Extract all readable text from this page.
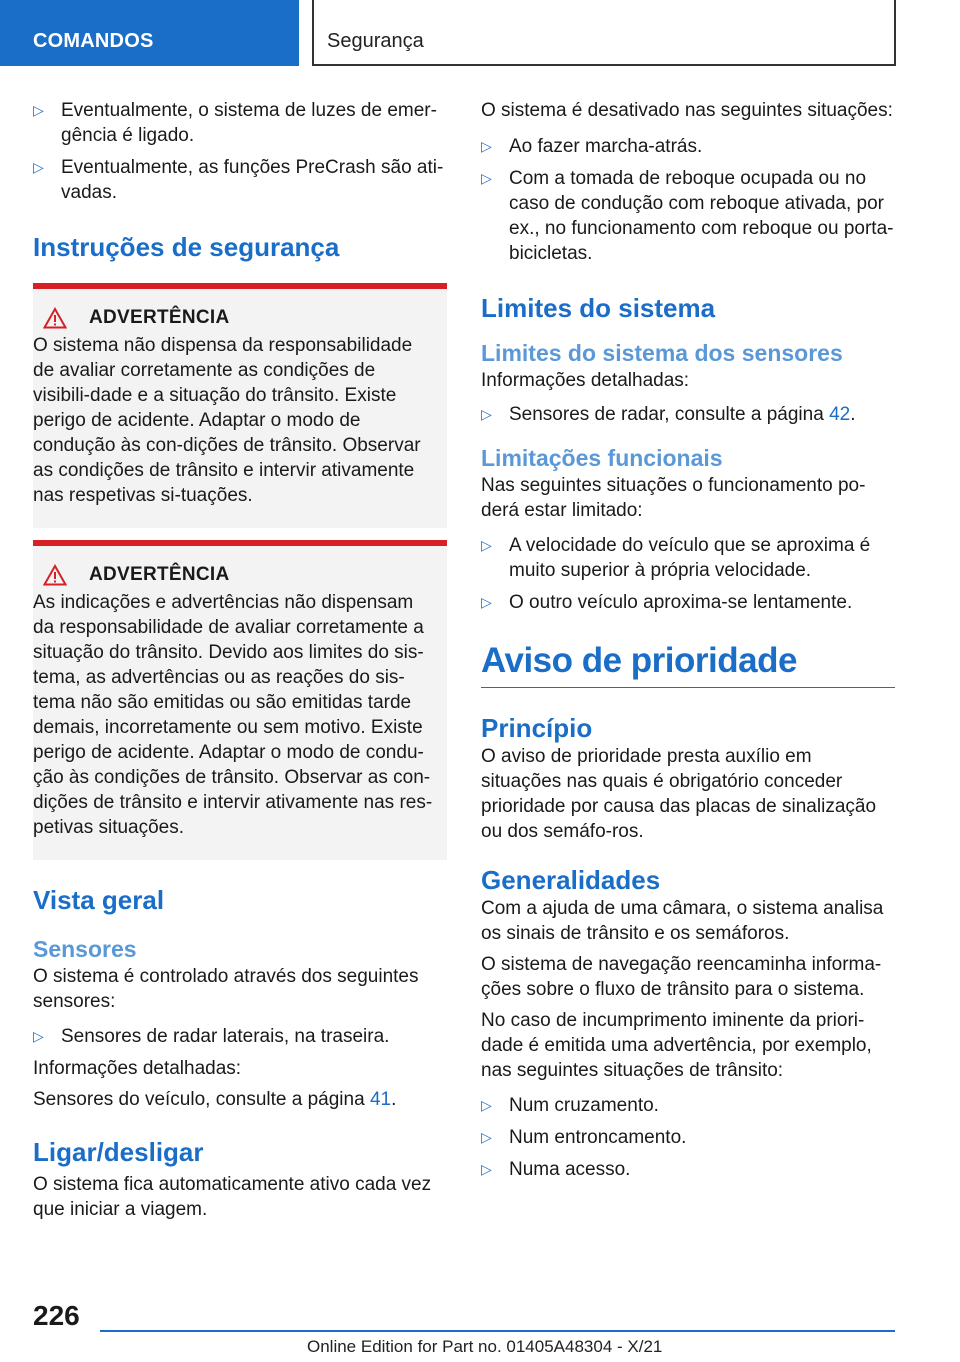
COMANDOS	Segurança
▷ Eventualmente, o sistema de luzes de emer-gência é ligado.
▷ Eventualmente, as funções PreCrash são ati-vadas.
Instruções de segurança
ADVERTÊNCIA

O sistema não dispensa da responsabilidade de avaliar corretamente as condições de visibili-dade e a situação do trânsito. Existe perigo de acidente. Adaptar o modo de condução às con-dições de trânsito. Observar as condições de trânsito e intervir ativamente nas respetivas si-tuações.

ADVERTÊNCIA

As indicações e advertências não dispensam da responsabilidade de avaliar corretamente a situação do trânsito. Devido aos limites do sis-tema, as advertências ou as reações do sis-tema não são emitidas ou são emitidas tarde demais, incorretamente ou sem motivo. Existe perigo de acidente. Adaptar o modo de condu-ção às condições de trânsito. Observar as con-dições de trânsito e intervir ativamente nas res-petivas situações.

Vista geral
Sensores

O sistema é controlado através dos seguintes sensores:

▷ Sensores de radar laterais, na traseira.

Informações detalhadas:

Sensores do veículo, consulte a página 41.

Ligar/desligar

O sistema fica automaticamente ativo cada vez que iniciar a viagem.

O sistema é desativado nas seguintes situações:

▷ Ao fazer marcha-atrás.
▷ Com a tomada de reboque ocupada ou no caso de condução com reboque ativada, por ex., no funcionamento com reboque ou porta-bicicletas.
Limites do sistema
Limites do sistema dos sensores

Informações detalhadas:

▷ Sensores de radar, consulte a página 42.
Limitações funcionais

Nas seguintes situações o funcionamento po-derá estar limitado:

▷ A velocidade do veículo que se aproxima é muito superior à própria velocidade.
▷ O outro veículo aproxima-se lentamente.
Aviso de prioridade
Princípio

O aviso de prioridade presta auxílio em situações nas quais é obrigatório conceder prioridade por causa das placas de sinalização ou dos semáfo-ros.

Generalidades

Com a ajuda de uma câmara, o sistema analisa os sinais de trânsito e os semáforos.

O sistema de navegação reencaminha informa-ções sobre o fluxo de trânsito para o sistema.

No caso de incumprimento iminente da priori-dade é emitida uma advertência, por exemplo, nas seguintes situações de trânsito:

▷ Num cruzamento.
▷ Num entroncamento.
▷ Numa acesso.
226
Online Edition for Part no. 01405A48304 - X/21
